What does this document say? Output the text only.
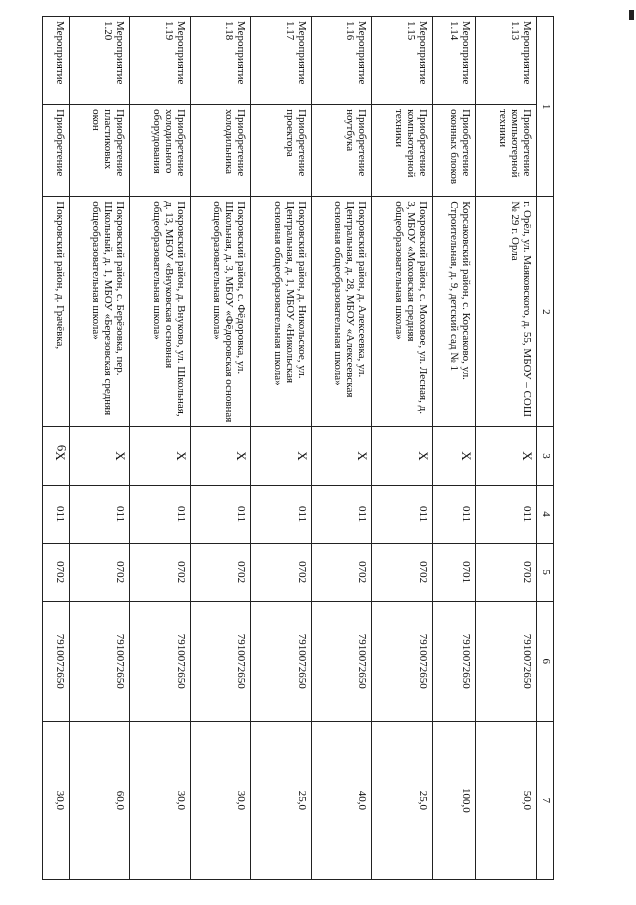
6
1		2	3	4	5	6	7
Мероприятие 1.13	Приобретение компьютерной техники	г. Орёл, ул. Маяковского, д. 55, МБОУ – СОШ № 29 г. Орла	X	011	0702	7910072650	50,0
Мероприятие 1.14	Приобретение оконных блоков	Корсаковский район, с. Корсаково, ул. Строительная, д. 9, детский сад № 1	X	011	0701	7910072650	100,0
Мероприятие 1.15	Приобретение компьютерной техники	Покровский район, с. Моховое, ул. Лесная, д. 3, МБОУ «Моховская средняя общеобразовательная школа»	X	011	0702	7910072650	25,0
Мероприятие 1.16	Приобретение ноутбука	Покровский район, д. Алексеевка, ул. Центральная, д. 28, МБОУ «Алексеевская основная общеобразовательная школа»	X	011	0702	7910072650	40,0
Мероприятие 1.17	Приобретение проектора	Покровский район, д. Никольское, ул. Центральная, д. 1, МБОУ «Никольская основная общеобразовательная школа»	X	011	0702	7910072650	25,0
Мероприятие 1.18	Приобретение холодильника	Покровский район, с. Фёдоровка, ул. Школьная, д. 3, МБОУ «Фёдоровская основная общеобразовательная школа»	X	011	0702	7910072650	30,0
Мероприятие 1.19	Приобретение холодильного оборудования	Покровский район, д. Внуково, ул. Школьная, д. 13, МБОУ «Внуковская основная общеобразовательная школа»	X	011	0702	7910072650	30,0
Мероприятие 1.20	Приобретение пластиковых окон	Покровский район, с. Берёзовка, пер. Школьный, д. 1, МБОУ «Березовская средняя общеобразовательная школа»	X	011	0702	7910072650	60,0
Мероприятие	Приобретение	Покровский район, д. Грачёвка,	X	011	0702	7910072650	30,0
